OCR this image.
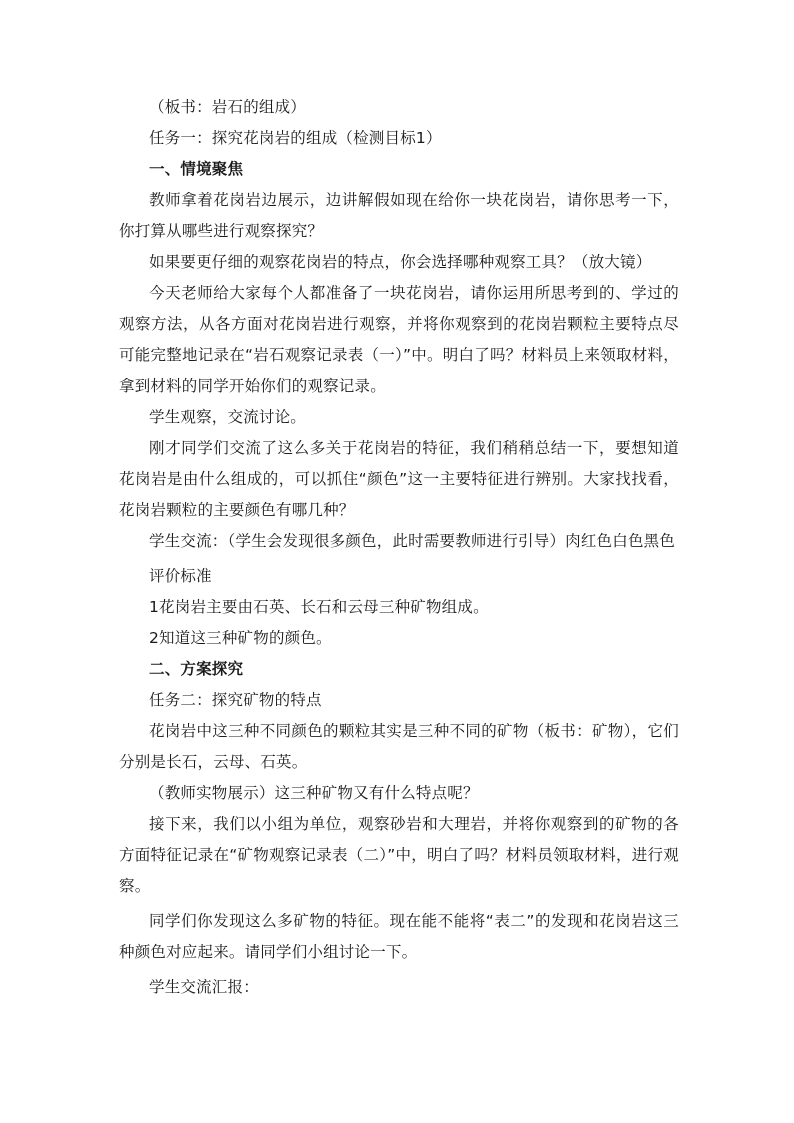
（板书：岩石的组成）

任务一：探究花岗岩的组成（检测目标1）

一、情境聚焦

教师拿着花岗岩边展示，边讲解假如现在给你一块花岗岩，请你思考一下，你打算从哪些进行观察探究？

如果要更仔细的观察花岗岩的特点，你会选择哪种观察工具？（放大镜）

今天老师给大家每个人都准备了一块花岗岩，请你运用所思考到的、学过的观察方法，从各方面对花岗岩进行观察，并将你观察到的花岗岩颗粒主要特点尽可能完整地记录在“岩石观察记录表（一）”中。明白了吗？材料员上来领取材料，拿到材料的同学开始你们的观察记录。

学生观察，交流讨论。

刚才同学们交流了这么多关于花岗岩的特征，我们稍稍总结一下，要想知道花岗岩是由什么组成的，可以抓住“颜色”这一主要特征进行辨别。大家找找看，花岗岩颗粒的主要颜色有哪几种？

学生交流：（学生会发现很多颜色，此时需要教师进行引导）肉红色白色黑色

评价标准

1花岗岩主要由石英、长石和云母三种矿物组成。

2知道这三种矿物的颜色。

二、方案探究

任务二：探究矿物的特点

花岗岩中这三种不同颜色的颗粒其实是三种不同的矿物（板书：矿物），它们分别是长石，云母、石英。

（教师实物展示）这三种矿物又有什么特点呢？

接下来，我们以小组为单位，观察砂岩和大理岩，并将你观察到的矿物的各方面特征记录在“矿物观察记录表（二）”中，明白了吗？材料员领取材料，进行观察。

同学们你发现这么多矿物的特征。现在能不能将“表二”的发现和花岗岩这三种颜色对应起来。请同学们小组讨论一下。

学生交流汇报：
